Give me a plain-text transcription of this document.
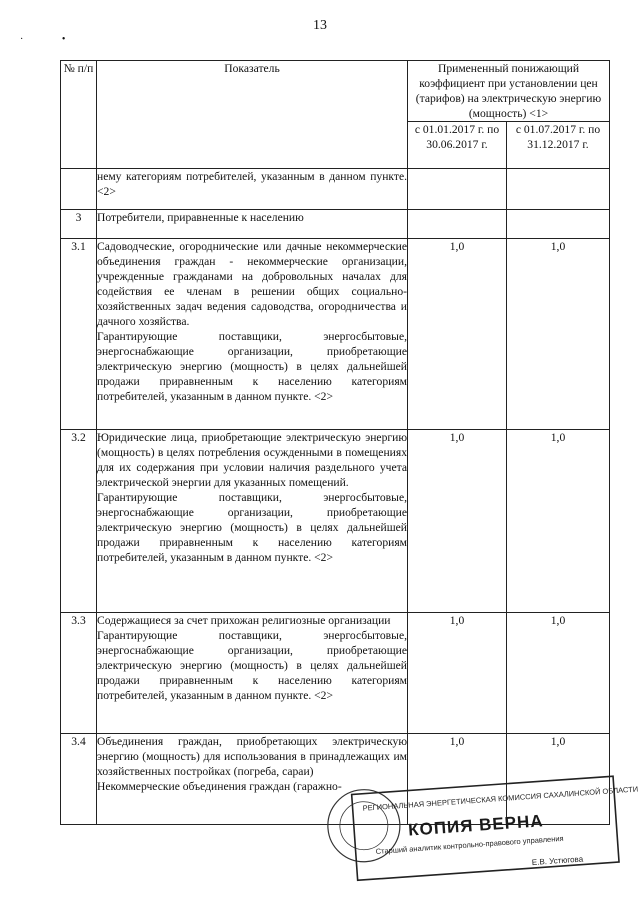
13
· •
№ п/п	Показатель	Примененный понижающий коэффициент при установлении цен (тарифов) на электрическую энергию (мощность) <1>	
		с 01.01.2017 г. по 30.06.2017 г.	с 01.07.2017 г. по 31.12.2017 г.

	нему категориям потребителей, указанным в данном пункте. <2>		

3	Потребители, приравненные к населению		

3.1	Садоводческие, огороднические или дачные некоммерческие объединения граждан - некоммерческие организации, учрежденные гражданами на добровольных началах для содействия ее членам в решении общих социально-хозяйственных задач ведения садоводства, огородничества и дачного хозяйства.
Гарантирующие поставщики, энергосбытовые, энергоснабжающие организации, приобретающие электрическую энергию (мощность) в целях дальнейшей продажи приравненным к населению категориям потребителей, указанным в данном пункте. <2>	1,0	1,0
3.2	Юридические лица, приобретающие электрическую энергию (мощность) в целях потребления осужденными в помещениях для их содержания при условии наличия раздельного учета электрической энергии для указанных помещений.
Гарантирующие поставщики, энергосбытовые, энергоснабжающие организации, приобретающие электрическую энергию (мощность) в целях дальнейшей продажи приравненным к населению категориям потребителей, указанным в данном пункте. <2>	1,0	1,0
3.3	Содержащиеся за счет прихожан религиозные организации
Гарантирующие поставщики, энергосбытовые, энергоснабжающие организации, приобретающие электрическую энергию (мощность) в целях дальнейшей продажи приравненным к населению категориям потребителей, указанным в данном пункте. <2>	1,0	1,0
3.4	Объединения граждан, приобретающих электрическую энергию (мощность) для использования в принадлежащих им хозяйственных постройках (погреба, сараи)
Некоммерческие объединения граждан (гаражно-	1,0	1,0
РЕГИОНАЛЬНАЯ ЭНЕРГЕТИЧЕСКАЯ КОМИССИЯ САХАЛИНСКОЙ ОБЛАСТИ
КОПИЯ ВЕРНА
Старший аналитик контрольно-правового управления
Е.В. Устюгова
